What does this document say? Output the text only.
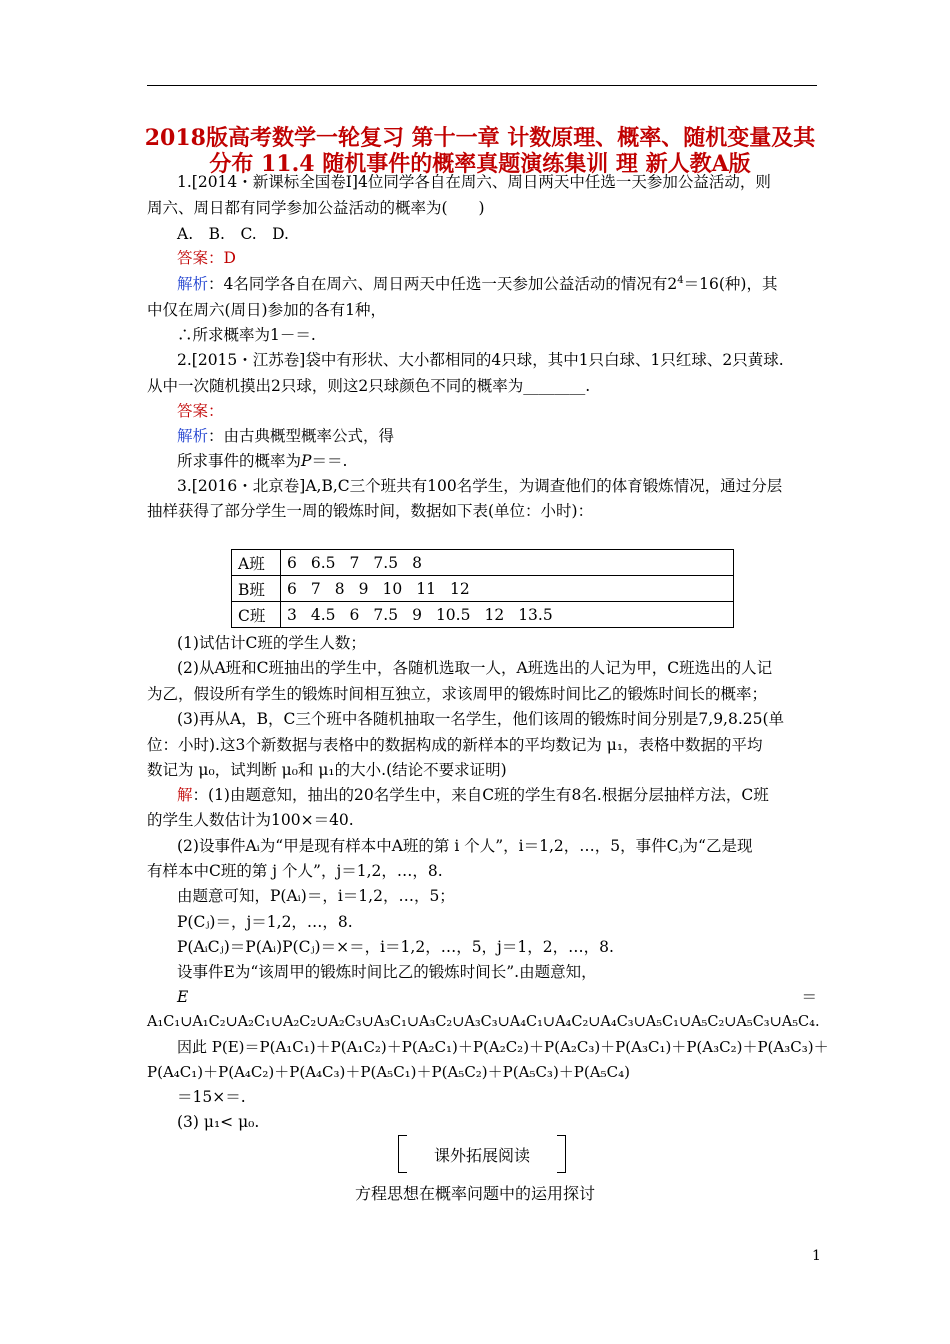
2018版高考数学一轮复习 第十一章 计数原理、概率、随机变量及其
分布 11.4 随机事件的概率真题演练集训 理 新人教A版
1.[2014・新课标全国卷Ⅰ]4位同学各自在周六、周日两天中任选一天参加公益活动，则
周六、周日都有同学参加公益活动的概率为(　　)
A.　B.　C.　D.
答案：D
解析：4名同学各自在周六、周日两天中任选一天参加公益活动的情况有$2^4=16$(种)，其
中仅在周六(周日)参加的各有1种，
∴所求概率为1－＝.
2.[2015・江苏卷]袋中有形状、大小都相同的4只球，其中1只白球、1只红球、2只黄球.
从中一次随机摸出2只球，则这2只球颜色不同的概率为________.
答案：
解析：由古典概型概率公式，得
所求事件的概率为P＝＝.
3.[2016・北京卷]A,B,C三个班共有100名学生，为调查他们的体育锻炼情况，通过分层
抽样获得了部分学生一周的锻炼时间，数据如下表(单位：小时)：
A班	6 6.5 7 7.5 8
B班	6 7 8 9 10 11 12
C班	3 4.5 6 7.5 9 10.5 12 13.5
(1)试估计C班的学生人数；
(2)从A班和C班抽出的学生中，各随机选取一人，A班选出的人记为甲，C班选出的人记
为乙，假设所有学生的锻炼时间相互独立，求该周甲的锻炼时间比乙的锻炼时间长的概率；
(3)再从A，B，C三个班中各随机抽取一名学生，他们该周的锻炼时间分别是7,9,8.25(单
位：小时).这3个新数据与表格中的数据构成的新样本的平均数记为 μ₁，表格中数据的平均
数记为 μ₀，试判断 μ₀和 μ₁的大小.(结论不要求证明)
解：(1)由题意知，抽出的20名学生中，来自C班的学生有8名.根据分层抽样方法，C班
的学生人数估计为100×＝40.
(2)设事件Aᵢ为“甲是现有样本中A班的第 i 个人”，i＝1,2，…，5，事件Cⱼ为“乙是现
有样本中C班的第 j 个人”，j＝1,2，…，8.
由题意可知，P(Aᵢ)＝，i＝1,2，…，5；
P(Cⱼ)＝，j＝1,2，…，8.
P(AᵢCⱼ)＝P(Aᵢ)P(Cⱼ)＝×＝，i＝1,2，…，5，j＝1，2，…，8.
设事件E为“该周甲的锻炼时间比乙的锻炼时间长”.由题意知，
E	＝
A₁C₁∪A₁C₂∪A₂C₁∪A₂C₂∪A₂C₃∪A₃C₁∪A₃C₂∪A₃C₃∪A₄C₁∪A₄C₂∪A₄C₃∪A₅C₁∪A₅C₂∪A₅C₃∪A₅C₄.
因此 P(E)＝P(A₁C₁)＋P(A₁C₂)＋P(A₂C₁)＋P(A₂C₂)＋P(A₂C₃)＋P(A₃C₁)＋P(A₃C₂)＋P(A₃C₃)＋
P(A₄C₁)＋P(A₄C₂)＋P(A₄C₃)＋P(A₅C₁)＋P(A₅C₂)＋P(A₅C₃)＋P(A₅C₄)
＝15×＝.
(3) μ₁< μ₀.
课外拓展阅读
方程思想在概率问题中的运用探讨
1
